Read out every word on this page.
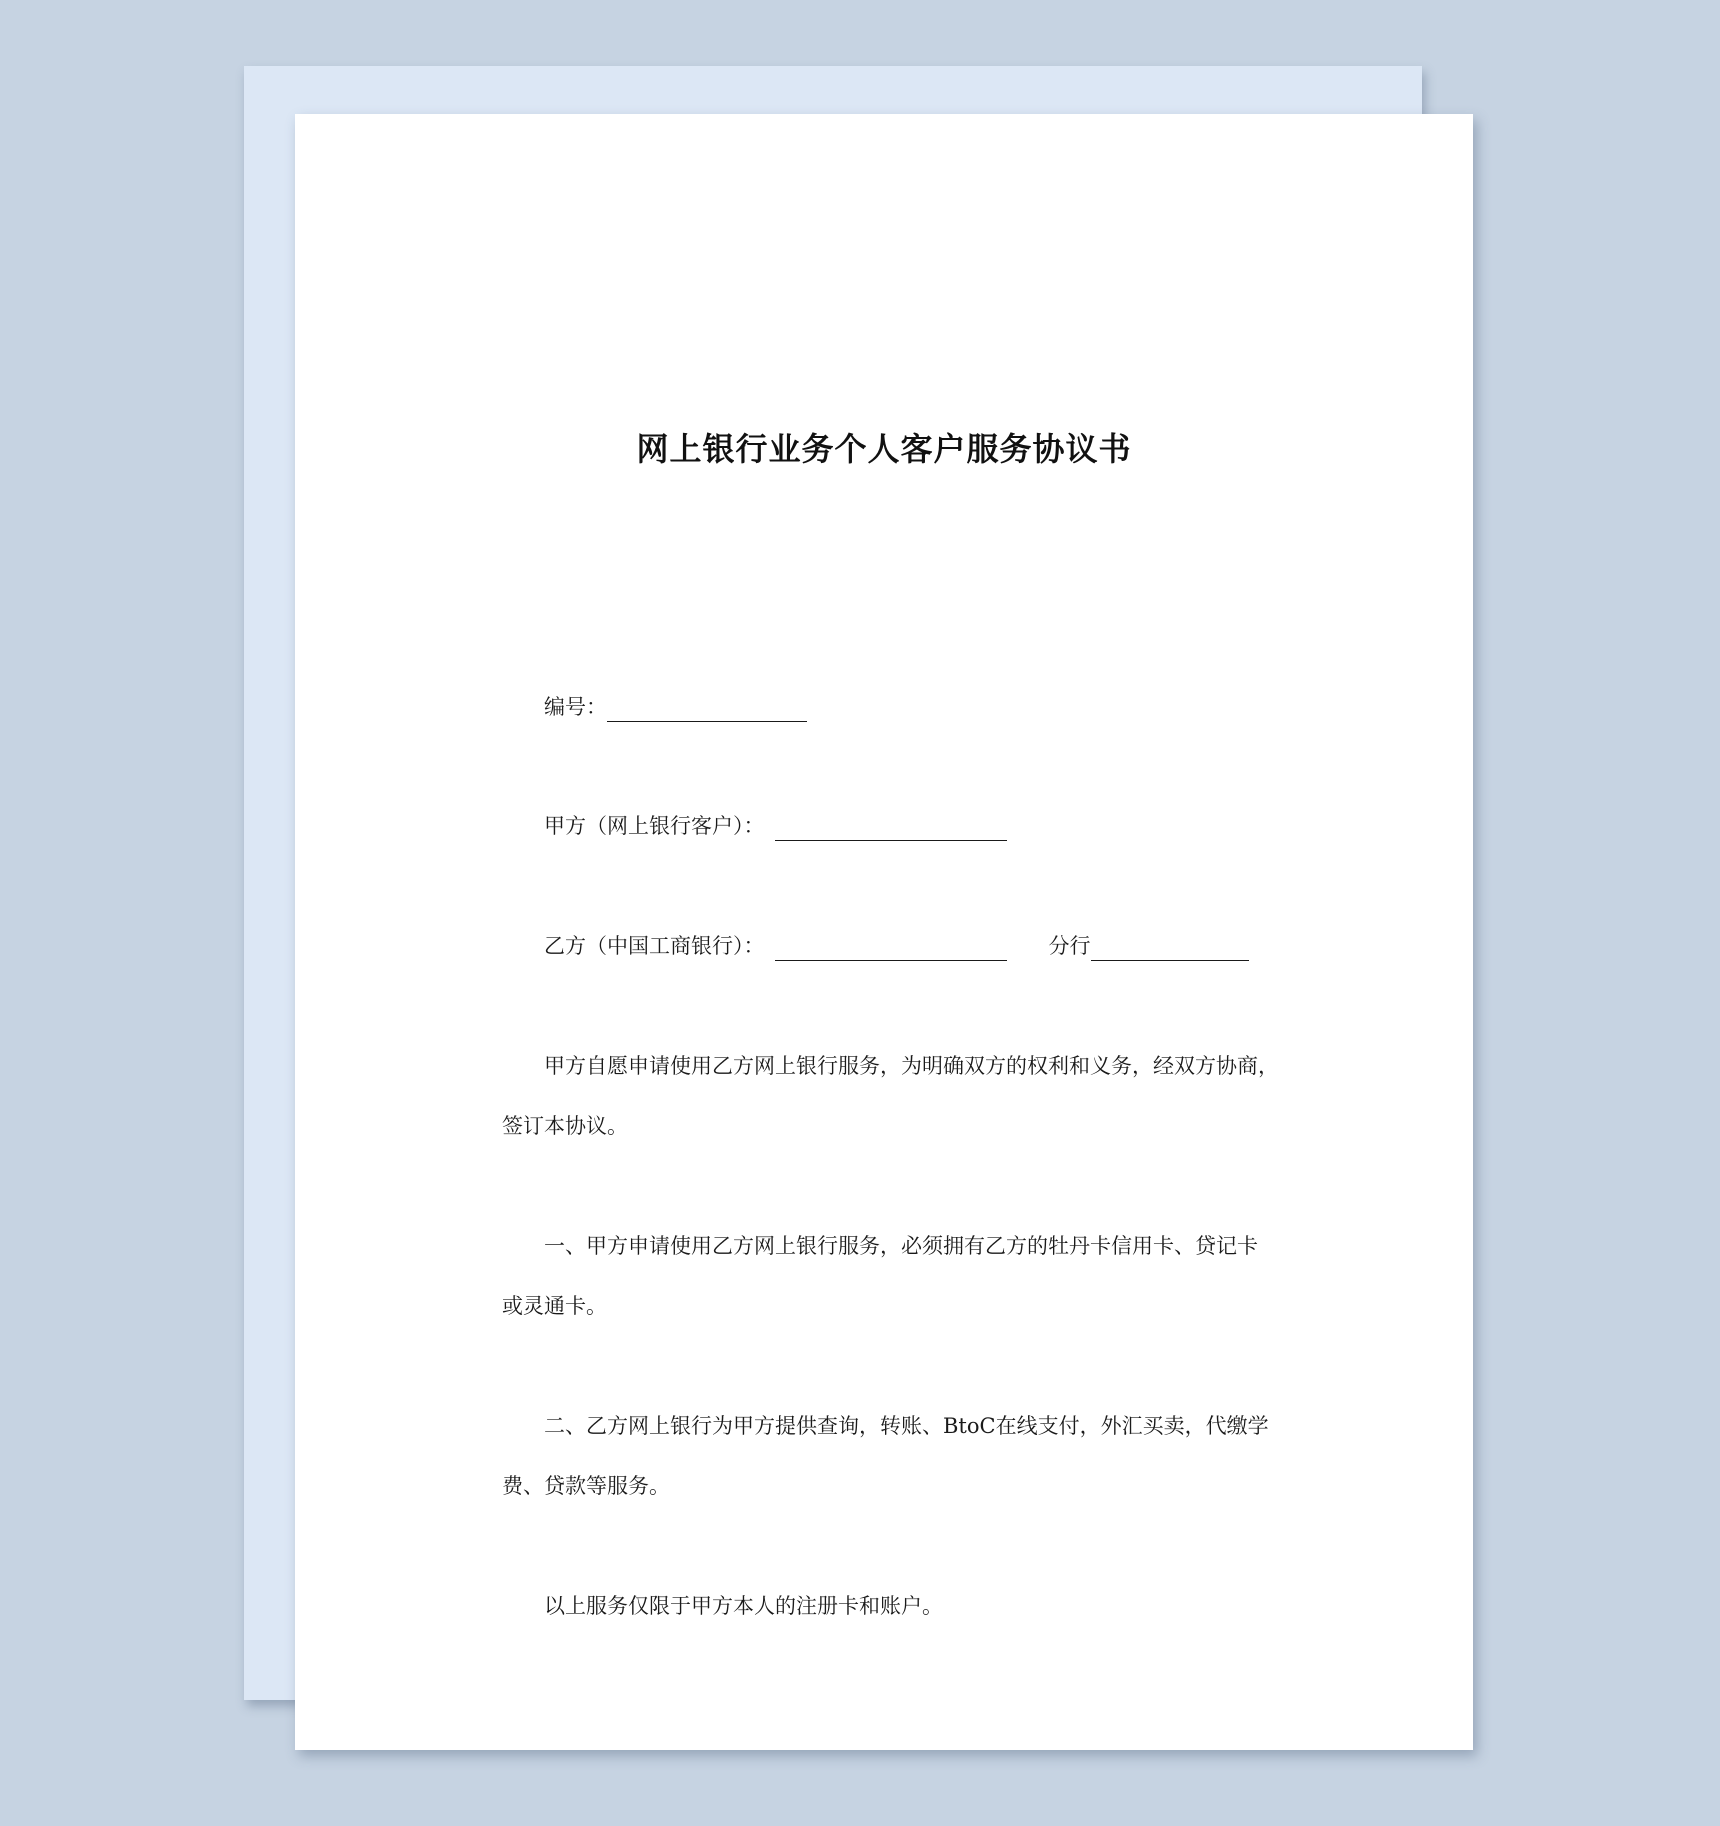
网上银行业务个人客户服务协议书
编号：
甲方（网上银行客户）：
乙方（中国工商银行）：	分行
甲方自愿申请使用乙方网上银行服务，为明确双方的权利和义务，经双方协商，
签订本协议。
一、甲方申请使用乙方网上银行服务，必须拥有乙方的牡丹卡信用卡、贷记卡
或灵通卡。
二、乙方网上银行为甲方提供查询，转账、BtoC在线支付，外汇买卖，代缴学
费、贷款等服务。
以上服务仅限于甲方本人的注册卡和账户。
